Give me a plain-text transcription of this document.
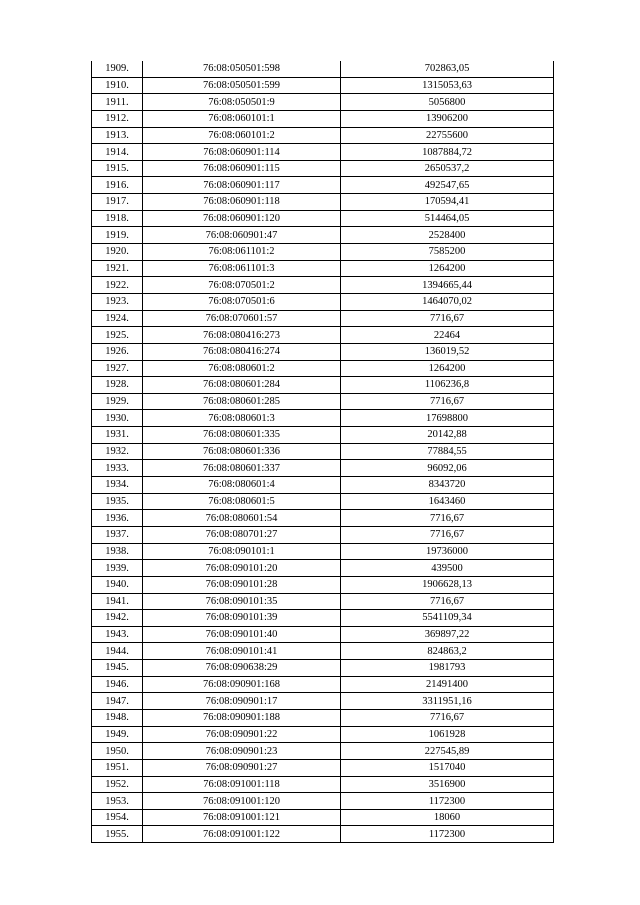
1909.	76:08:050501:598	702863,05
1910.	76:08:050501:599	1315053,63
1911.	76:08:050501:9	5056800
1912.	76:08:060101:1	13906200
1913.	76:08:060101:2	22755600
1914.	76:08:060901:114	1087884,72
1915.	76:08:060901:115	2650537,2
1916.	76:08:060901:117	492547,65
1917.	76:08:060901:118	170594,41
1918.	76:08:060901:120	514464,05
1919.	76:08:060901:47	2528400
1920.	76:08:061101:2	7585200
1921.	76:08:061101:3	1264200
1922.	76:08:070501:2	1394665,44
1923.	76:08:070501:6	1464070,02
1924.	76:08:070601:57	7716,67
1925.	76:08:080416:273	22464
1926.	76:08:080416:274	136019,52
1927.	76:08:080601:2	1264200
1928.	76:08:080601:284	1106236,8
1929.	76:08:080601:285	7716,67
1930.	76:08:080601:3	17698800
1931.	76:08:080601:335	20142,88
1932.	76:08:080601:336	77884,55
1933.	76:08:080601:337	96092,06
1934.	76:08:080601:4	8343720
1935.	76:08:080601:5	1643460
1936.	76:08:080601:54	7716,67
1937.	76:08:080701:27	7716,67
1938.	76:08:090101:1	19736000
1939.	76:08:090101:20	439500
1940.	76:08:090101:28	1906628,13
1941.	76:08:090101:35	7716,67
1942.	76:08:090101:39	5541109,34
1943.	76:08:090101:40	369897,22
1944.	76:08:090101:41	824863,2
1945.	76:08:090638:29	1981793
1946.	76:08:090901:168	21491400
1947.	76:08:090901:17	3311951,16
1948.	76:08:090901:188	7716,67
1949.	76:08:090901:22	1061928
1950.	76:08:090901:23	227545,89
1951.	76:08:090901:27	1517040
1952.	76:08:091001:118	3516900
1953.	76:08:091001:120	1172300
1954.	76:08:091001:121	18060
1955.	76:08:091001:122	1172300
